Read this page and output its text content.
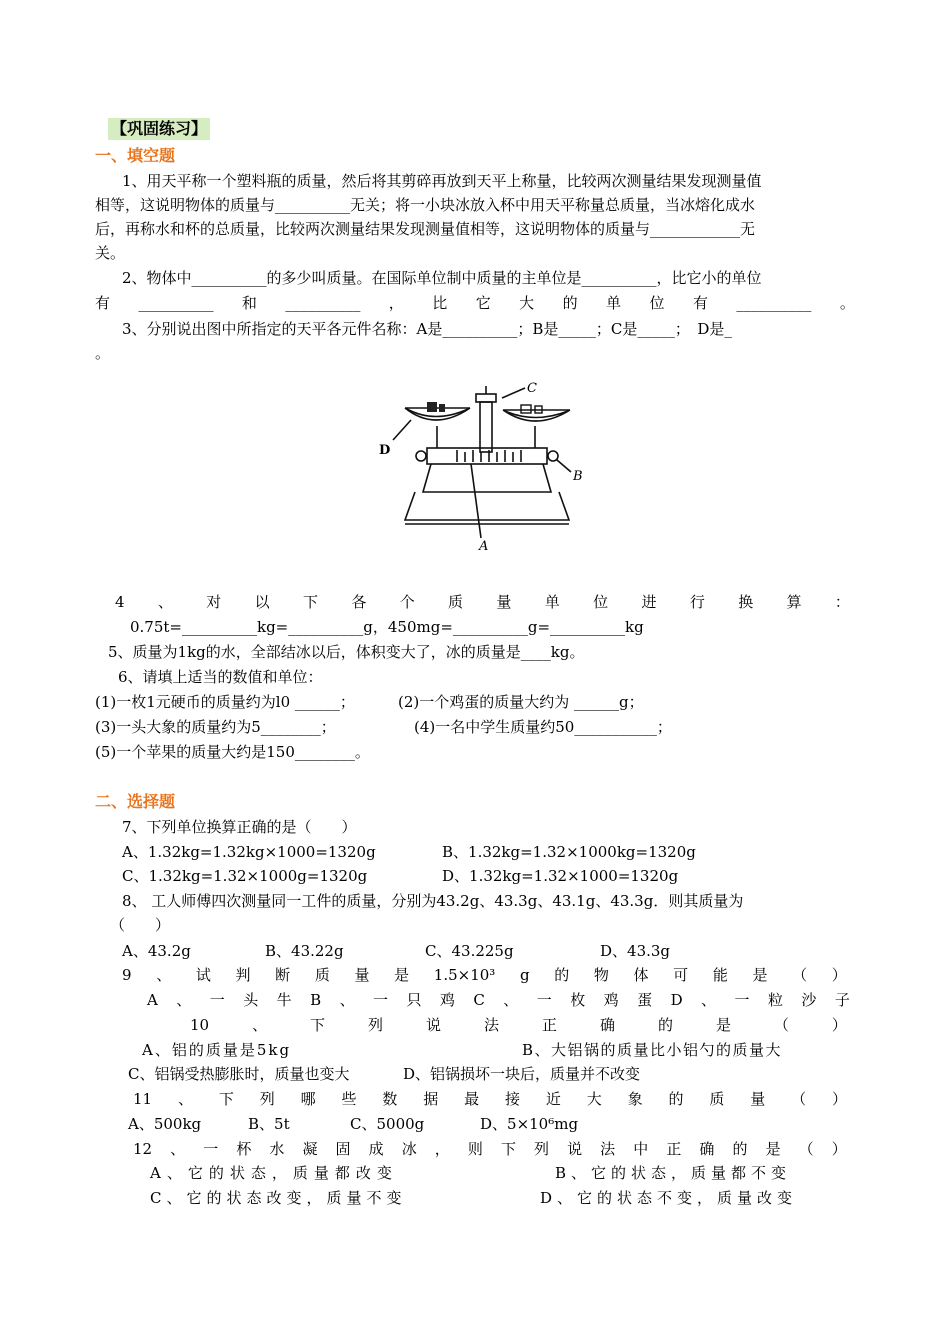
【巩固练习】
一、填空题
1、用天平称一个塑料瓶的质量，然后将其剪碎再放到天平上称量，比较两次测量结果发现测量值
相等，这说明物体的质量与__________无关；将一小块冰放入杯中用天平称量总质量，当冰熔化成水
后，再称水和杯的总质量，比较两次测量结果发现测量值相等，这说明物体的质量与____________无
关。
2、物体中__________的多少叫质量。在国际单位制中质量的主单位是__________，比它小的单位
有 __________ 和 __________ ， 比 它 大 的 单 位 有 __________ 。
3、分别说出图中所指定的天平各元件名称：A是__________；B是_____；C是_____；　D是_
。
C
D
B
A
4 、 对 以 下 各 个 质 量 单 位 进 行 换 算 ：
0.75t=__________kg=__________g，450mg=__________g=__________kg
5、质量为1kg的水，全部结冰以后，体积变大了，冰的质量是____kg。
6、请填上适当的数值和单位：
(1)一枚1元硬币的质量约为l0 ______；	(2)一个鸡蛋的质量大约为 ______g；
(3)一头大象的质量约为5________；	(4)一名中学生质量约50___________；
(5)一个苹果的质量大约是150________。
二、选择题
7、下列单位换算正确的是（　　）
A、1.32kg=1.32kg×1000=1320g	B、1.32kg=1.32×1000kg=1320g
C、1.32kg=1.32×1000g=1320g	D、1.32kg=1.32×1000=1320g
8、 工人师傅四次测量同一工件的质量，分别为43.2g、43.3g、43.1g、43.3g．则其质量为
（　　）
A、43.2g	B、43.22g	C、43.225g	D、43.3g
9 、 试 判 断 质 量 是 1.5×10³ g 的 物 体 可 能 是 （ ）
A 、 一 头 牛 B 、 一 只 鸡 C 、 一 枚 鸡 蛋 D 、 一 粒 沙 子
10	、	下	列	说	法	正	确	的	是	（	）
A、铝的质量是5kg	B、大铝锅的质量比小铝勺的质量大
C、铝锅受热膨胀时，质量也变大	D、铝锅损坏一块后，质量并不改变
11 、 下 列 哪 些 数 据 最 接 近 大 象 的 质 量 （ ）
A、500kg	B、5t	C、5000g	D、5×10⁶mg
12 、 一 杯 水 凝 固 成 冰 ， 则 下 列 说 法 中 正 确 的 是 （ ）
A、它的状态，质量都改变	B、它的状态，质量都不变
C、它的状态改变，质量不变	D、它的状态不变，质量改变
